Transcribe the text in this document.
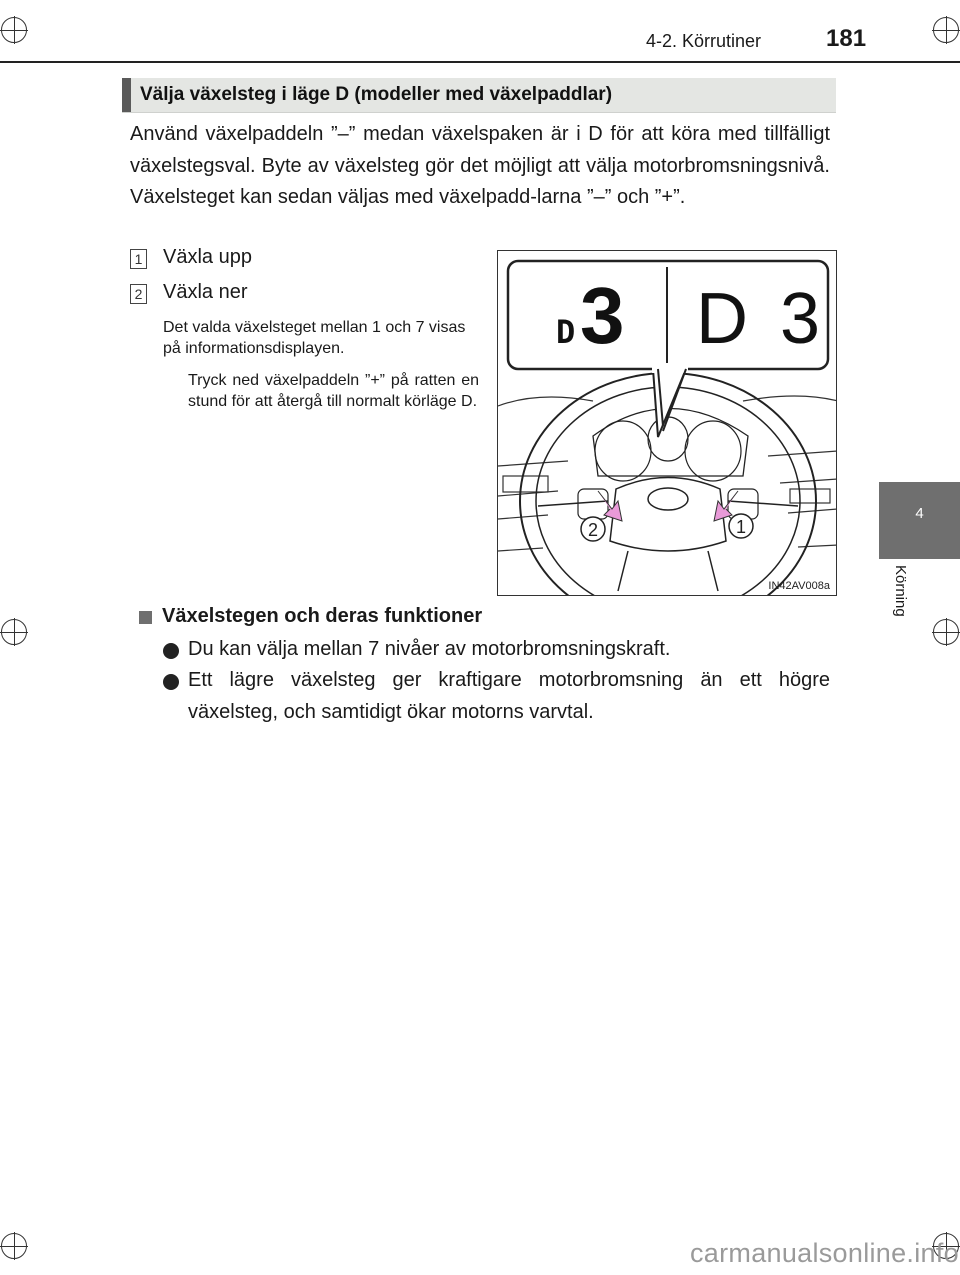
4-2. Körrutiner	181
4
Körning
Välja växelsteg i läge D (modeller med växelpaddlar)

Använd växelpaddeln ”–” medan växelspaken är i D för att köra med tillfälligt växelstegsval. Byte av växelsteg gör det möjligt att välja motorbromsningsnivå. Växelsteget kan sedan väljas med växelpadd-larna ”–” och ”+”.

1 Växla upp
2 Växla ner

Det valda växelsteget mellan 1 och 7 visas på informationsdisplayen.

Tryck ned växelpaddeln ”+” på ratten en stund för att återgå till normalt körläge D.

2	1
D 3 D 3
IN42AV008a
Växelstegen och deras funktioner

Du kan välja mellan 7 nivåer av motorbromsningskraft.

Ett lägre växelsteg ger kraftigare motorbromsning än ett högre växelsteg, och samtidigt ökar motorns varvtal.

carmanualsonline.info
